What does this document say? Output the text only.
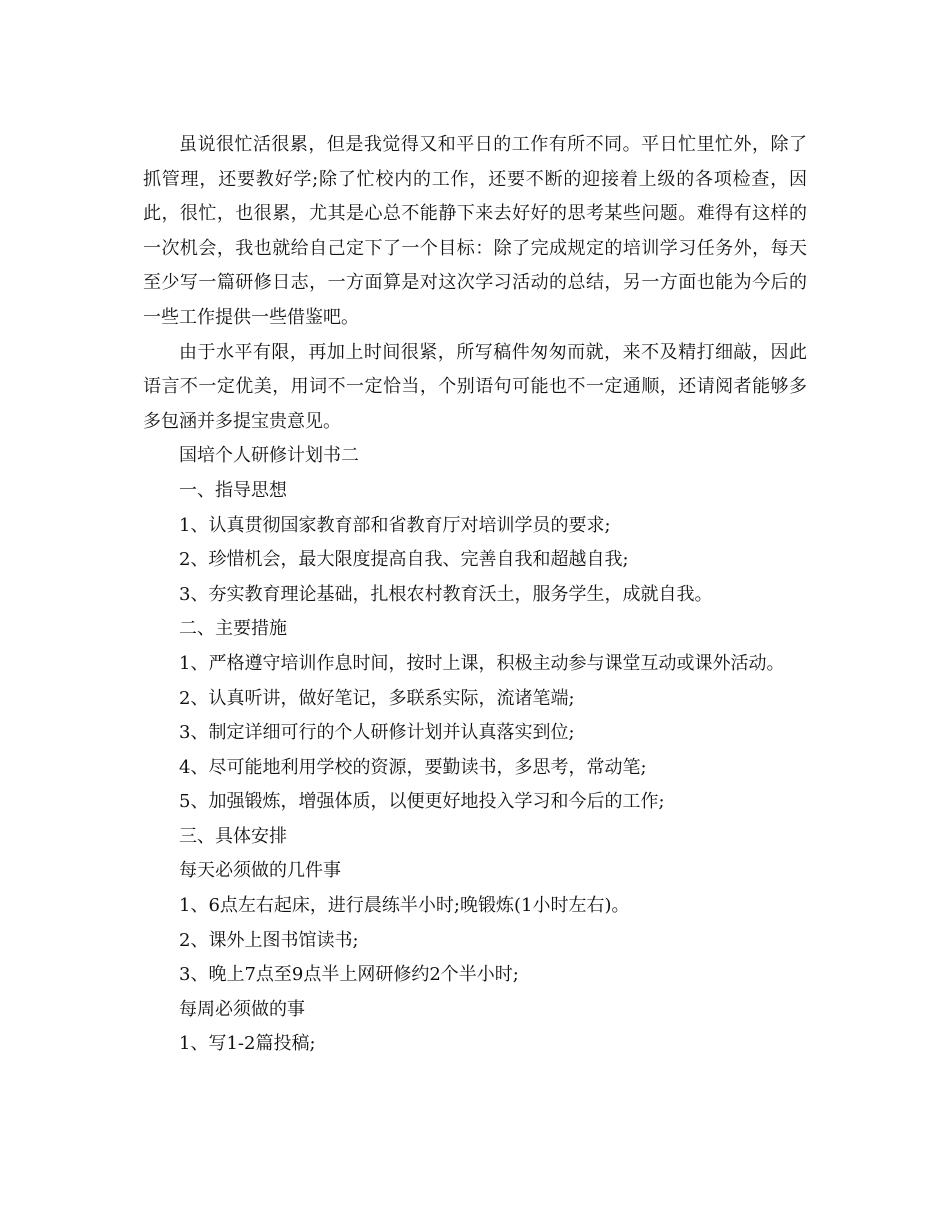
虽说很忙活很累，但是我觉得又和平日的工作有所不同。平日忙里忙外，除了抓管理，还要教好学;除了忙校内的工作，还要不断的迎接着上级的各项检查，因此，很忙，也很累，尤其是心总不能静下来去好好的思考某些问题。难得有这样的一次机会，我也就给自己定下了一个目标：除了完成规定的培训学习任务外，每天至少写一篇研修日志，一方面算是对这次学习活动的总结，另一方面也能为今后的一些工作提供一些借鉴吧。

由于水平有限，再加上时间很紧，所写稿件匆匆而就，来不及精打细敲，因此语言不一定优美，用词不一定恰当，个别语句可能也不一定通顺，还请阅者能够多多包涵并多提宝贵意见。

国培个人研修计划书二

一、指导思想

1、认真贯彻国家教育部和省教育厅对培训学员的要求;

2、珍惜机会，最大限度提高自我、完善自我和超越自我;

3、夯实教育理论基础，扎根农村教育沃土，服务学生，成就自我。

二、主要措施

1、严格遵守培训作息时间，按时上课，积极主动参与课堂互动或课外活动。

2、认真听讲，做好笔记，多联系实际，流诸笔端;

3、制定详细可行的个人研修计划并认真落实到位;

4、尽可能地利用学校的资源，要勤读书，多思考，常动笔;

5、加强锻炼，增强体质，以便更好地投入学习和今后的工作;

三、具体安排

每天必须做的几件事

1、6点左右起床，进行晨练半小时;晚锻炼(1小时左右)。

2、课外上图书馆读书;

3、晚上7点至9点半上网研修约2个半小时;

每周必须做的事

1、写1-2篇投稿;
